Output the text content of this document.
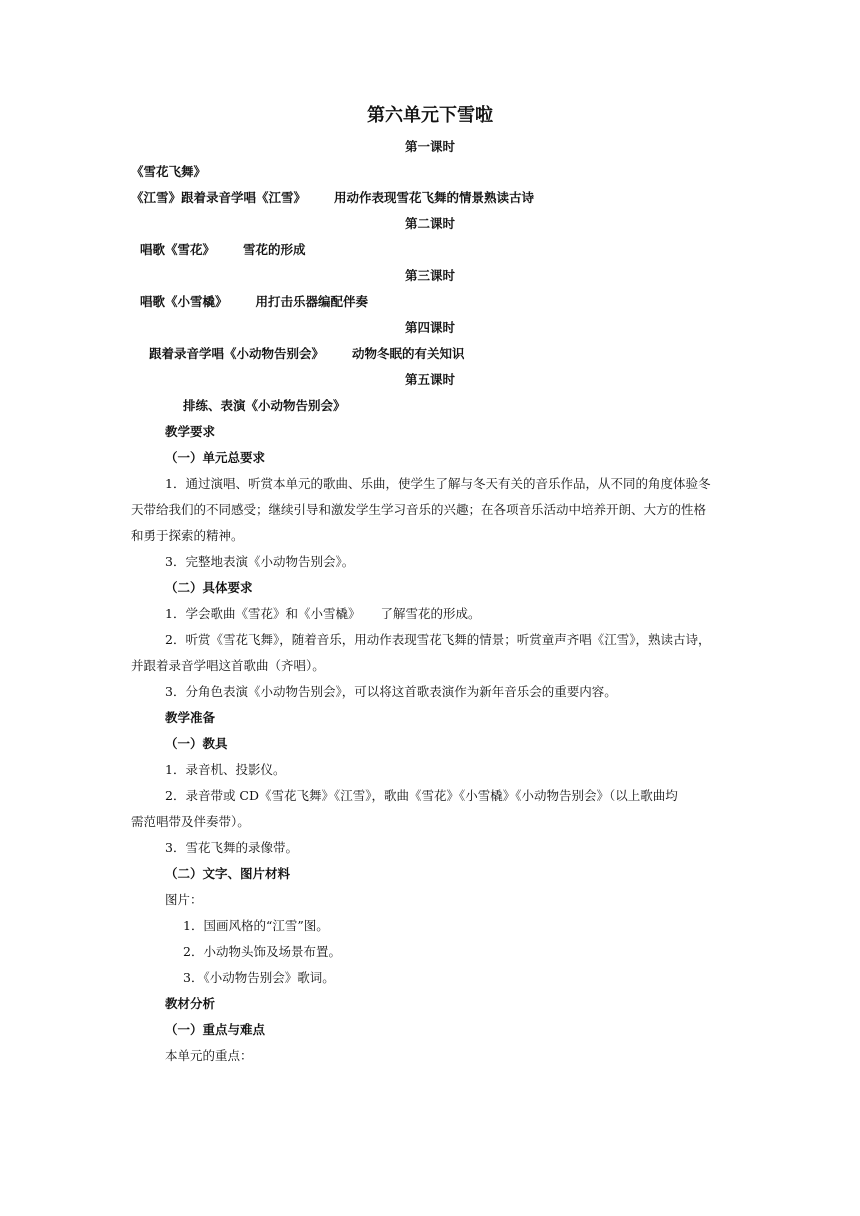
第六单元下雪啦
第一课时
《雪花飞舞》
《江雪》跟着录音学唱《江雪》 用动作表现雪花飞舞的情景熟读古诗
第二课时
唱歌《雪花》 雪花的形成
第三课时
唱歌《小雪橇》 用打击乐器编配伴奏
第四课时
跟着录音学唱《小动物告别会》 动物冬眠的有关知识
第五课时
排练、表演《小动物告别会》
教学要求
（一）单元总要求
1．通过演唱、听赏本单元的歌曲、乐曲，使学生了解与冬天有关的音乐作品，从不同的角度体验冬
天带给我们的不同感受；继续引导和激发学生学习音乐的兴趣；在各项音乐活动中培养开朗、大方的性格
和勇于探索的精神。
3．完整地表演《小动物告别会》。
（二）具体要求
1．学会歌曲《雪花》和《小雪橇》 了解雪花的形成。
2．听赏《雪花飞舞》，随着音乐，用动作表现雪花飞舞的情景；听赏童声齐唱《江雪》，熟读古诗，
并跟着录音学唱这首歌曲（齐唱）。
3．分角色表演《小动物告别会》，可以将这首歌表演作为新年音乐会的重要内容。
教学准备
（一）教具
1．录音机、投影仪。
2．录音带或 CD《雪花飞舞》《江雪》，歌曲《雪花》《小雪橇》《小动物告别会》（以上歌曲均
需范唱带及伴奏带）。
3．雪花飞舞的录像带。
（二）文字、图片材料
图片：
1．国画风格的“江雪”图。
2．小动物头饰及场景布置。
3．《小动物告别会》歌词。
教材分析
（一）重点与难点
本单元的重点：
